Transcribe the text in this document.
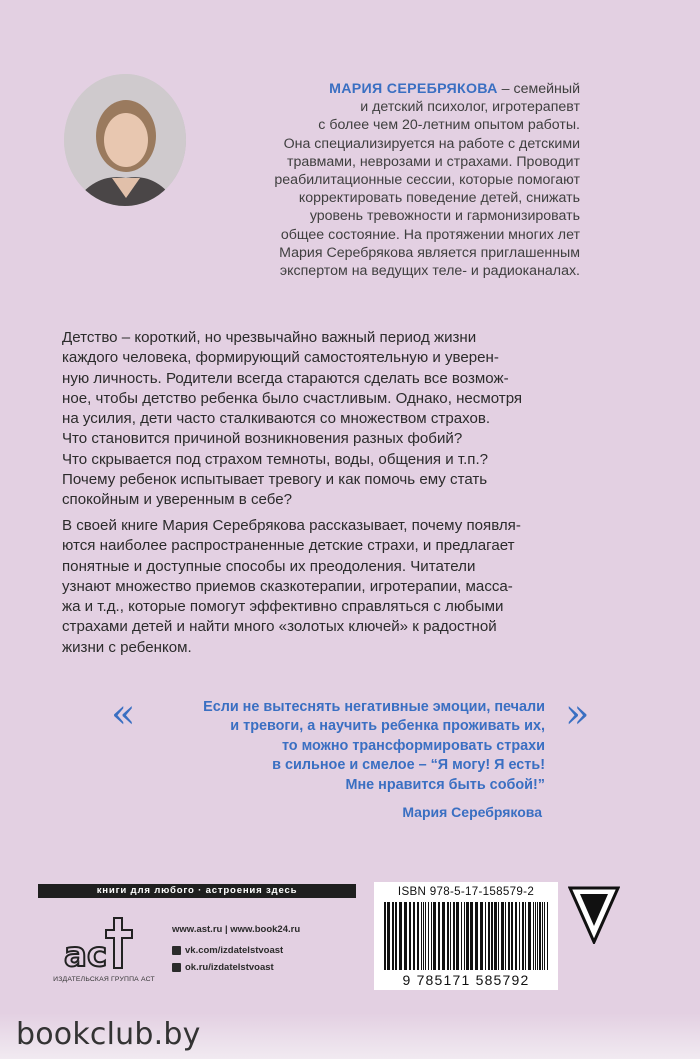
МАРИЯ СЕРЕБРЯКОВА – семейный
и детский психолог, игротерапевт
с более чем 20-летним опытом работы.
Она специализируется на работе с детскими
травмами, неврозами и страхами. Проводит
реабилитационные сессии, которые помогают
корректировать поведение детей, снижать
уровень тревожности и гармонизировать
общее состояние. На протяжении многих лет
Мария Серебрякова является приглашенным
экспертом на ведущих теле- и радиоканалах.
Детство – короткий, но чрезвычайно важный период жизни
каждого человека, формирующий самостоятельную и уверен-
ную личность. Родители всегда стараются сделать все возмож-
ное, чтобы детство ребенка было счастливым. Однако, несмотря
на усилия, дети часто сталкиваются со множеством страхов.
Что становится причиной возникновения разных фобий?
Что скрывается под страхом темноты, воды, общения и т.п.?
Почему ребенок испытывает тревогу и как помочь ему стать
спокойным и уверенным в себе?
В своей книге Мария Серебрякова рассказывает, почему появля-
ются наиболее распространенные детские страхи, и предлагает
понятные и доступные способы их преодоления. Читатели
узнают множество приемов сказкотерапии, игротерапии, масса-
жа и т.д., которые помогут эффективно справляться с любыми
страхами детей и найти много «золотых ключей» к радостной
жизни с ребенком.
«	»
Если не вытеснять негативные эмоции, печали
и тревоги, а научить ребенка проживать их,
то можно трансформировать страхи
в сильное и смелое – “Я могу! Я есть!
Мне нравится быть собой!”
Мария Серебрякова
книги для любого · астроения здесь
ac
ИЗДАТЕЛЬСКАЯ ГРУППА АСТ
www.ast.ru | www.book24.ru
vk.com/izdatelstvoast
ok.ru/izdatelstvoast
ISBN 978-5-17-158579-2
9 785171 585792
bookclub.by
